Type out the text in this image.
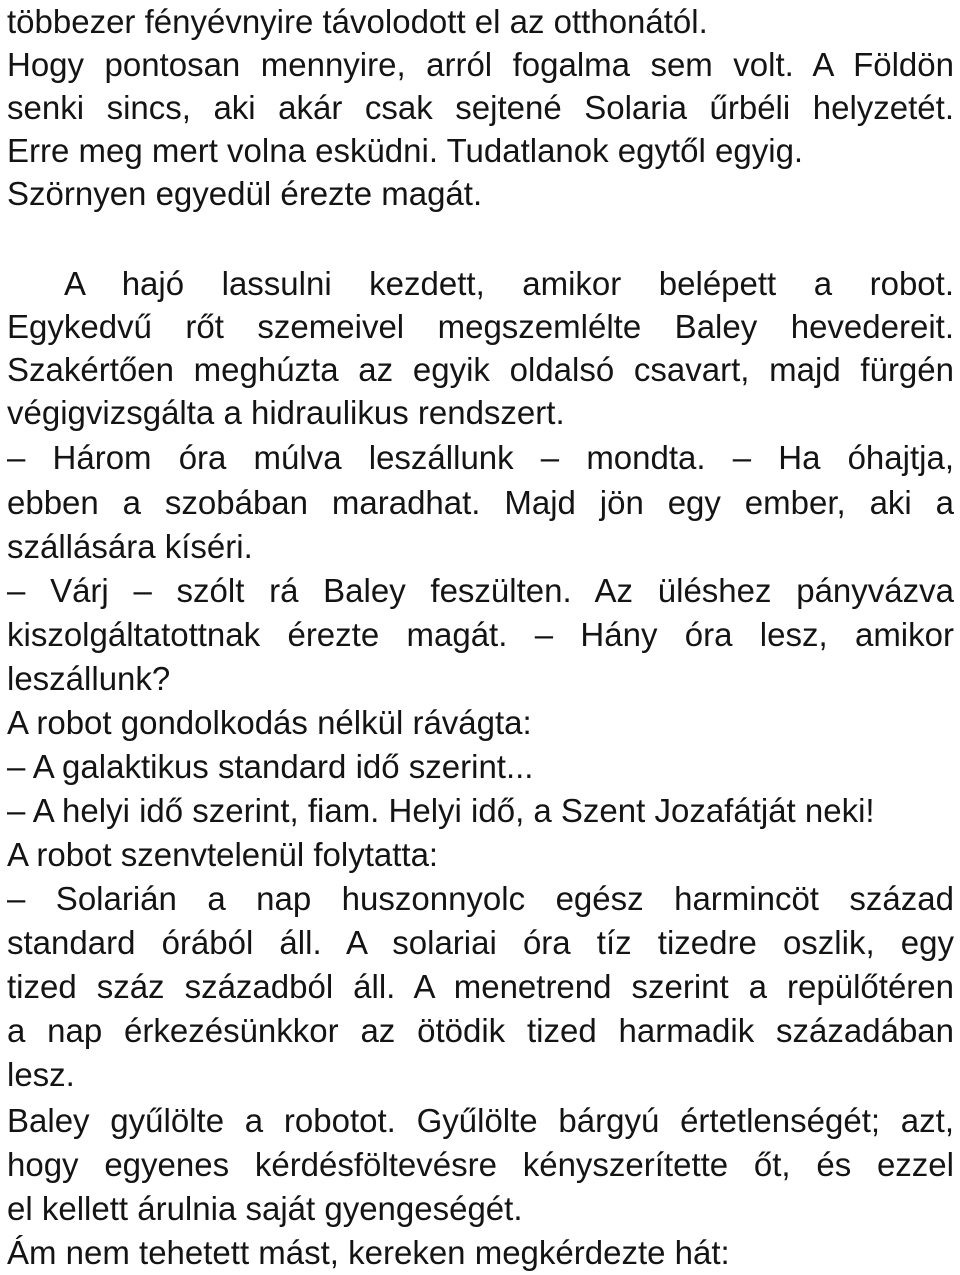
többezer fényévnyire távolodott el az otthonától.
Hogy pontosan mennyire, arról fogalma sem volt. A Földön
senki sincs, aki akár csak sejtené Solaria űrbéli helyzetét.
Erre meg mert volna esküdni. Tudatlanok egytől egyig.
Szörnyen egyedül érezte magát.
A hajó lassulni kezdett, amikor belépett a robot.
Egykedvű rőt szemeivel megszemlélte Baley hevedereit.
Szakértően meghúzta az egyik oldalsó csavart, majd fürgén
végigvizsgálta a hidraulikus rendszert.
– Három óra múlva leszállunk – mondta. – Ha óhajtja,
ebben a szobában maradhat. Majd jön egy ember, aki a
szállására kíséri.
– Várj – szólt rá Baley feszülten. Az üléshez pányvázva
kiszolgáltatottnak érezte magát. – Hány óra lesz, amikor
leszállunk?
A robot gondolkodás nélkül rávágta:
– A galaktikus standard idő szerint...
– A helyi idő szerint, fiam. Helyi idő, a Szent Jozafátját neki!
A robot szenvtelenül folytatta:
– Solarián a nap huszonnyolc egész harmincöt század
standard órából áll. A solariai óra tíz tizedre oszlik, egy
tized száz századból áll. A menetrend szerint a repülőtéren
a nap érkezésünkkor az ötödik tized harmadik századában
lesz.
Baley gyűlölte a robotot. Gyűlölte bárgyú értetlenségét; azt,
hogy egyenes kérdésföltevésre kényszerítette őt, és ezzel
el kellett árulnia saját gyengeségét.
Ám nem tehetett mást, kereken megkérdezte hát:
